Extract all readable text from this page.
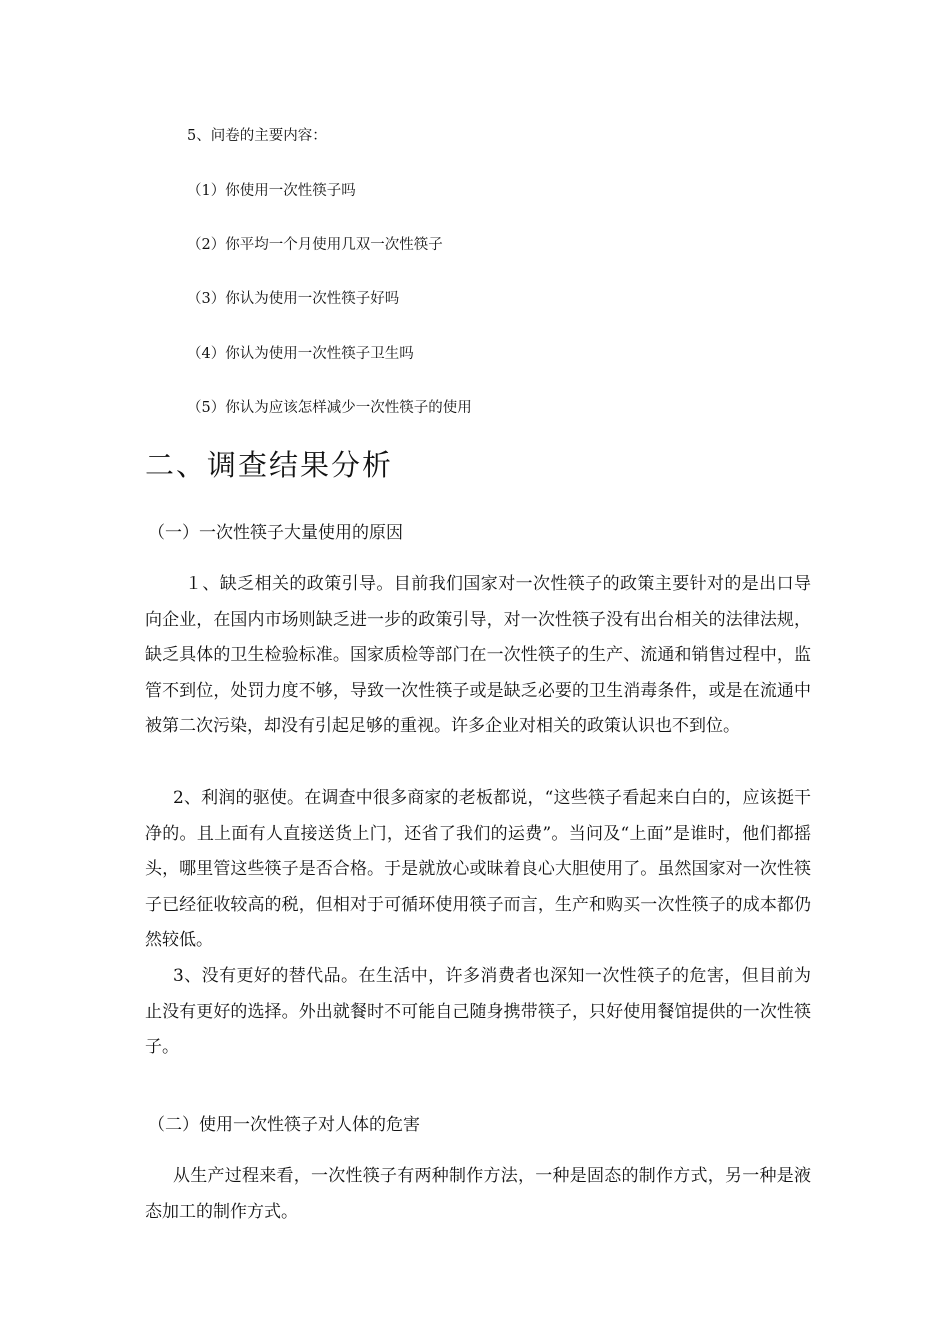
5、问卷的主要内容：
（1）你使用一次性筷子吗
（2）你平均一个月使用几双一次性筷子
（3）你认为使用一次性筷子好吗
（4）你认为使用一次性筷子卫生吗
（5）你认为应该怎样减少一次性筷子的使用
二、调查结果分析
（一）一次性筷子大量使用的原因
１、缺乏相关的政策引导。目前我们国家对一次性筷子的政策主要针对的是出口导向企业，在国内市场则缺乏进一步的政策引导，对一次性筷子没有出台相关的法律法规，缺乏具体的卫生检验标准。国家质检等部门在一次性筷子的生产、流通和销售过程中，监管不到位，处罚力度不够，导致一次性筷子或是缺乏必要的卫生消毒条件，或是在流通中被第二次污染，却没有引起足够的重视。许多企业对相关的政策认识也不到位。
2、利润的驱使。在调查中很多商家的老板都说，“这些筷子看起来白白的，应该挺干净的。且上面有人直接送货上门，还省了我们的运费”。当问及“上面”是谁时，他们都摇头，哪里管这些筷子是否合格。于是就放心或昧着良心大胆使用了。虽然国家对一次性筷子已经征收较高的税，但相对于可循环使用筷子而言，生产和购买一次性筷子的成本都仍然较低。
3、没有更好的替代品。在生活中，许多消费者也深知一次性筷子的危害，但目前为止没有更好的选择。外出就餐时不可能自己随身携带筷子，只好使用餐馆提供的一次性筷子。
（二）使用一次性筷子对人体的危害
从生产过程来看，一次性筷子有两种制作方法，一种是固态的制作方式，另一种是液态加工的制作方式。
